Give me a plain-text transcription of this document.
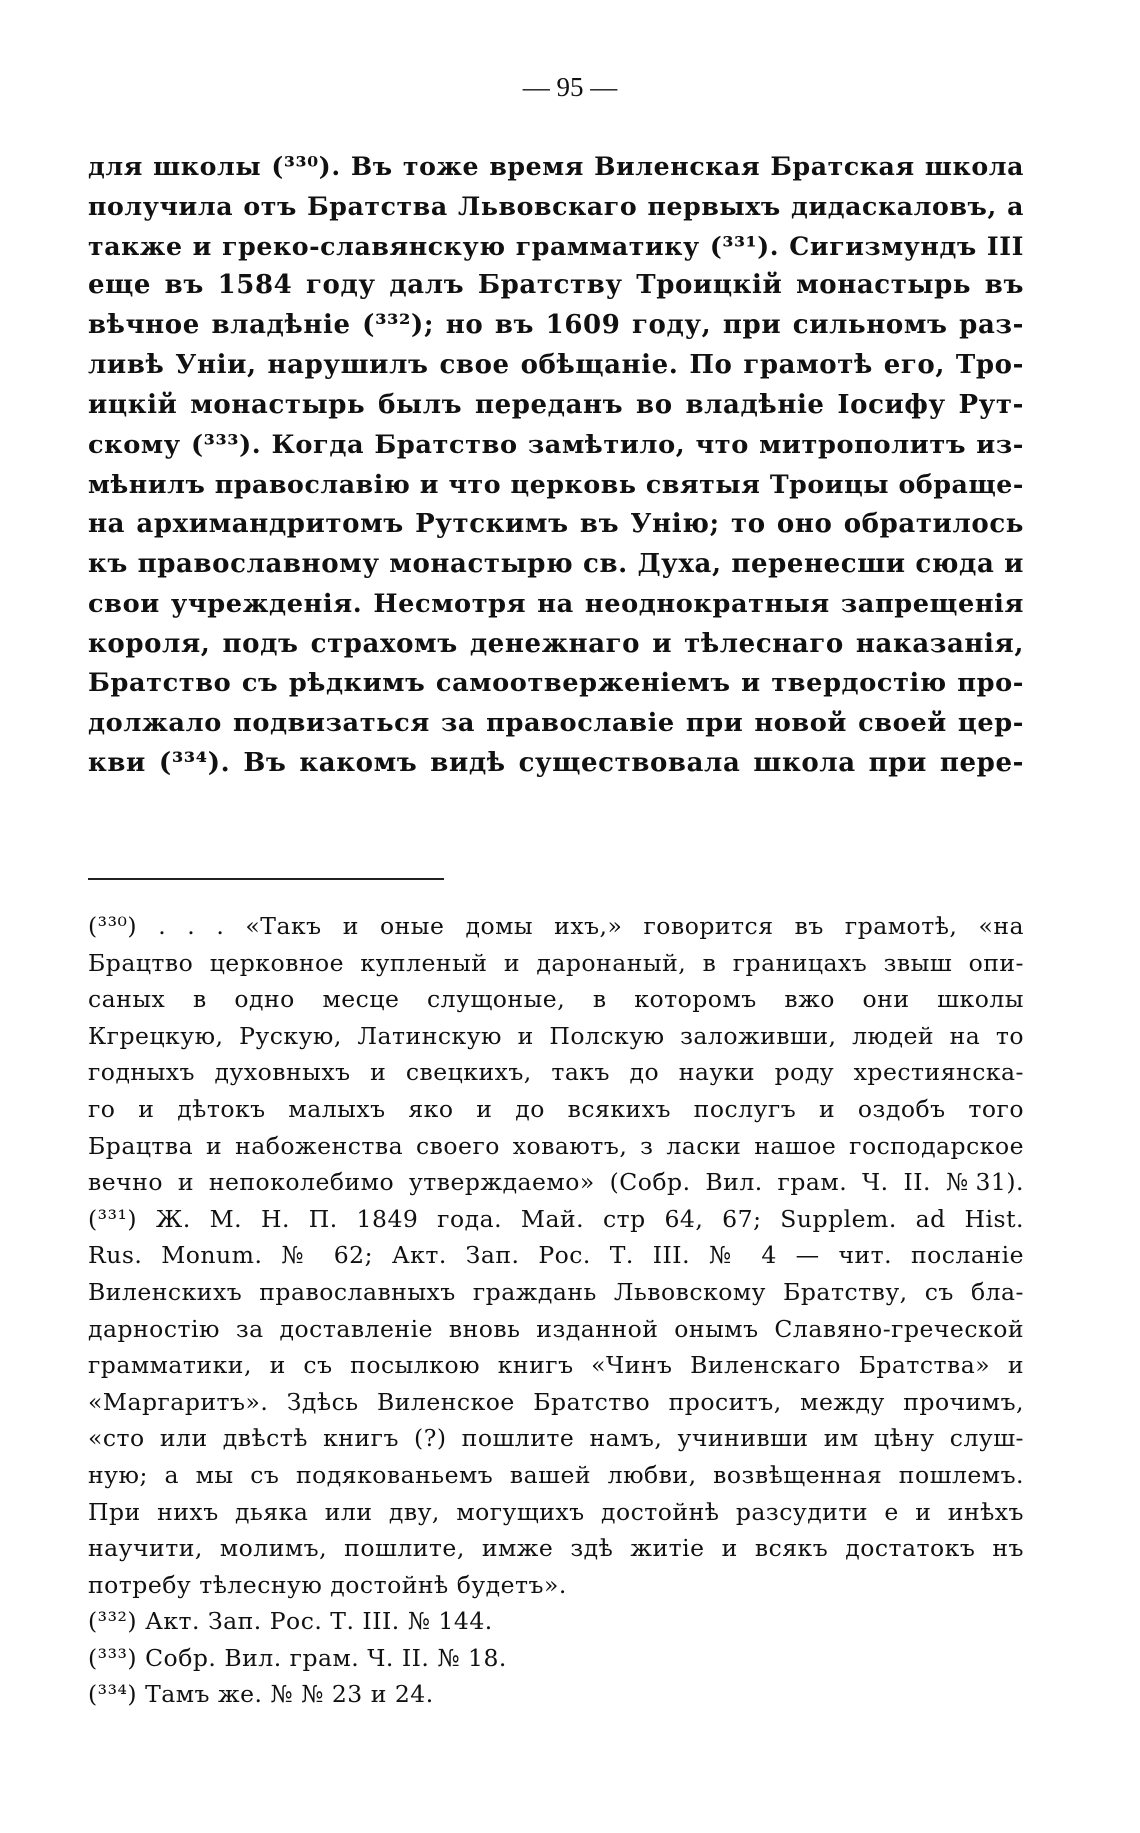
— 95 —
для школы (³³⁰). Въ тоже время Виленская Братская школа
получила отъ Братства Львовскаго первыхъ дидаскаловъ, а
также и греко-славянскую грамматику (³³¹). Сигизмундъ III
еще въ 1584 году далъ Братству Троицкій монастырь въ
вѣчное владѣніе (³³²); но въ 1609 году, при сильномъ раз-
ливѣ Уніи, нарушилъ свое обѣщаніе. По грамотѣ его, Тро-
ицкій монастырь былъ переданъ во владѣніе Іосифу Рут-
скому (³³³). Когда Братство замѣтило, что митрополитъ из-
мѣнилъ православію и что церковь святыя Троицы обраще-
на архимандритомъ Рутскимъ въ Унію; то оно обратилось
къ православному монастырю св. Духа, перенесши сюда и
свои учрежденія. Несмотря на неоднократныя запрещенія
короля, подъ страхомъ денежнаго и тѣлеснаго наказанія,
Братство съ рѣдкимъ самоотверженіемъ и твердостію про-
должало подвизаться за православіе при новой своей цер-
кви (³³⁴). Въ какомъ видѣ существовала школа при пере-
(³³⁰) . . . «Такъ и оные домы ихъ,» говорится въ грамотѣ, «на
Брацтво церковное купленый и даронаный, в границахъ звыш опи-
саных в одно месце слущоные, в которомъ вжо они школы
Кгрецкую, Рускую, Латинскую и Полскую заложивши, людей на то
годныхъ духовныхъ и свецкихъ, такъ до науки роду хрестиянска-
го и дѣтокъ малыхъ яко и до всякихъ послугъ и оздобъ того
Брацтва и набоженства своего ховаютъ, з ласки нашое господарское
вечно и непоколебимо утверждаемо» (Собр. Вил. грам. Ч. II. №31).
(³³¹) Ж. М. Н. П. 1849 года. Май. стр 64, 67; Supplem. ad Hist.
Rus. Monum. № 62; Акт. Зап. Рос. Т. III. № 4 — чит. посланіе
Виленскихъ православныхъ граждань Львовскому Братству, съ бла-
дарностію за доставленіе вновь изданной онымъ Славяно-греческой
грамматики, и съ посылкою книгъ «Чинъ Виленскаго Братства» и
«Маргаритъ». Здѣсь Виленское Братство проситъ, между прочимъ,
«сто или двѣстѣ книгъ (?) пошлите намъ, учинивши им цѣну слуш-
ную; а мы съ подякованьемъ вашей любви, возвѣщенная пошлемъ.
При нихъ дьяка или дву, могущихъ достойнѣ разсудити е и инѣхъ
научити, молимъ, пошлите, имже здѣ житіе и всякъ достатокъ нъ
потребу тѣлесную достойнѣ будетъ».
(³³²) Акт. Зап. Рос. Т. III. № 144.
(³³³) Собр. Вил. грам. Ч. II. № 18.
(³³⁴) Тамъ же. № № 23 и 24.
